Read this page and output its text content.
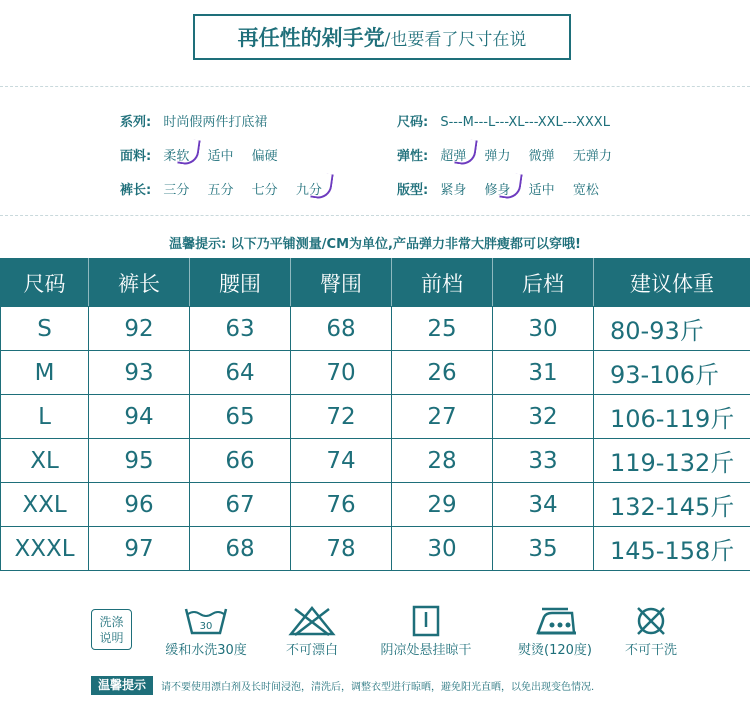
再任性的剁手党 /也要看了尺寸在说
系列: 时尚假两件打底裙
面料: 柔软 适中 偏硬
裤长: 三分 五分 七分 九分
尺码: S---M---L---XL---XXL---XXXL
弹性: 超弹 弹力 微弹 无弹力
版型: 紧身 修身 适中 宽松
温馨提示: 以下乃平铺测量/CM为单位,产品弹力非常大胖瘦都可以穿哦!
尺码	裤长	腰围	臀围	前档	后档	建议体重
S	92	63	68	25	30	80-93斤
M	93	64	70	26	31	93-106斤
L	94	65	72	27	32	106-119斤
XL	95	66	74	28	33	119-132斤
XXL	96	67	76	29	34	132-145斤
XXXL	97	68	78	30	35	145-158斤
洗涤说明
30
缓和水洗30度	不可漂白	阴凉处悬挂晾干	熨烫(120度)	不可干洗
温馨提示	请不要使用漂白剂及长时间浸泡，清洗后，调整衣型进行晾晒，避免阳光直晒，以免出现变色情况.
